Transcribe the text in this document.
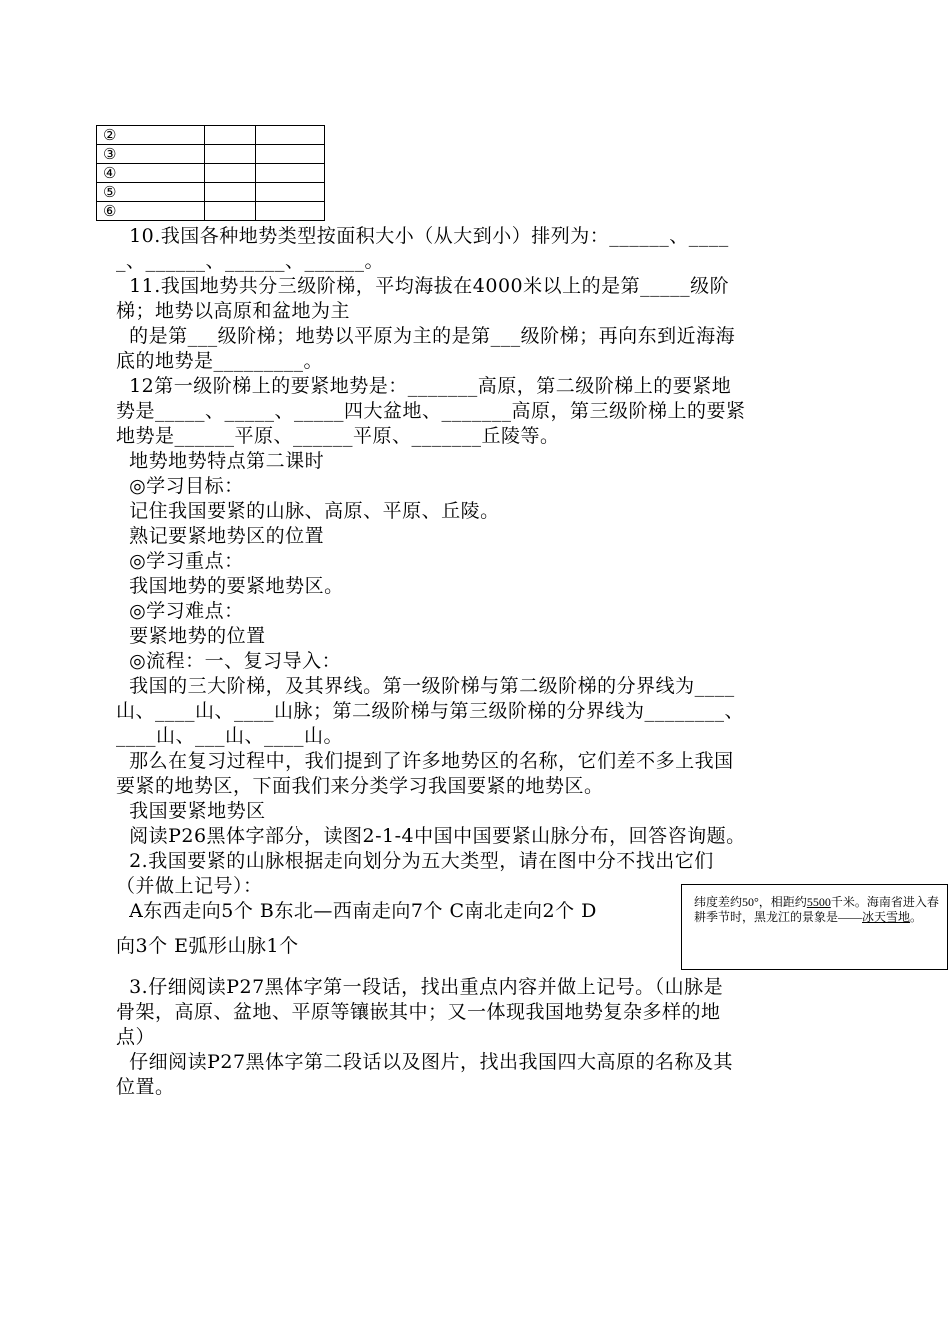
②		
③		
④		
⑤		
⑥		
10.我国各种地势类型按面积大小（从大到小）排列为：______、____
_、______、______、______。
11.我国地势共分三级阶梯，平均海拔在4000米以上的是第_____级阶
梯；地势以高原和盆地为主
的是第___级阶梯；地势以平原为主的是第___级阶梯；再向东到近海海
底的地势是_________。
12第一级阶梯上的要紧地势是：_______高原，第二级阶梯上的要紧地
势是_____、_____、_____四大盆地、_______高原，第三级阶梯上的要紧
地势是______平原、______平原、_______丘陵等。
地势地势特点第二课时
◎学习目标：
记住我国要紧的山脉、高原、平原、丘陵。
熟记要紧地势区的位置
◎学习重点：
我国地势的要紧地势区。
◎学习难点：
要紧地势的位置
◎流程：一、复习导入：
我国的三大阶梯，及其界线。第一级阶梯与第二级阶梯的分界线为____
山、____山、____山脉；第二级阶梯与第三级阶梯的分界线为________、
____山、___山、____山。
那么在复习过程中，我们提到了许多地势区的名称，它们差不多上我国
要紧的地势区，下面我们来分类学习我国要紧的地势区。
我国要紧地势区
阅读P26黑体字部分，读图2-1-4中国中国要紧山脉分布，回答咨询题。
2.我国要紧的山脉根据走向划分为五大类型，请在图中分不找出它们
（并做上记号）：
A东西走向5个 B东北—西南走向7个 C南北走向2个 D
向3个 E弧形山脉1个
3.仔细阅读P27黑体字第一段话，找出重点内容并做上记号。（山脉是
骨架，高原、盆地、平原等镶嵌其中；又一体现我国地势复杂多样的地
点）
仔细阅读P27黑体字第二段话以及图片，找出我国四大高原的名称及其
位置。
纬度差约50°，相距约5500千米。海南省进入春耕季节时，黑龙江的景象是——冰天雪地。
